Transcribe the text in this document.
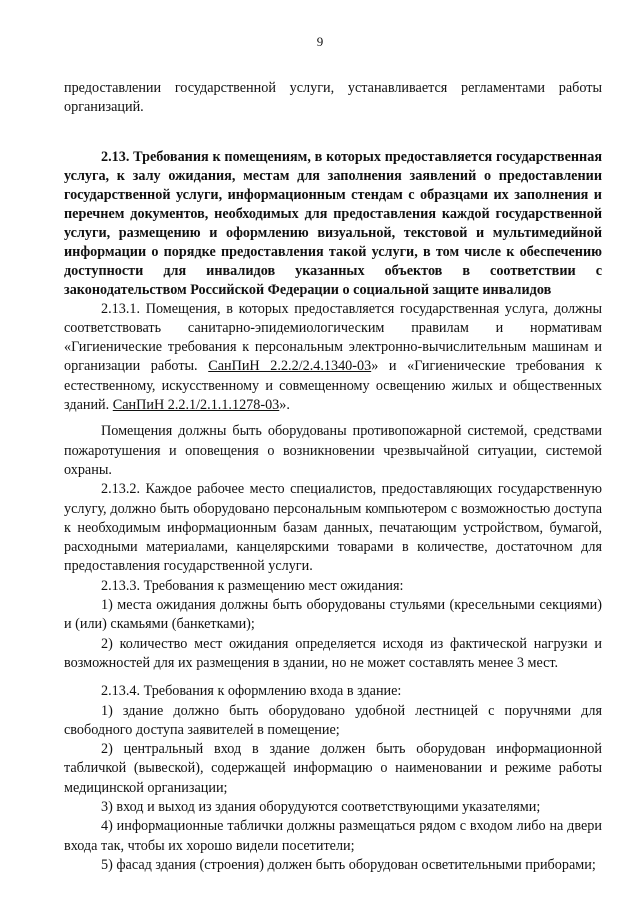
9

предоставлении государственной услуги, устанавливается регламентами работы организаций.

2.13. Требования к помещениям, в которых предоставляется государственная услуга, к залу ожидания, местам для заполнения заявлений о предоставлении государственной услуги, информационным стендам с образцами их заполнения и перечнем документов, необходимых для предоставления каждой государственной услуги, размещению и оформлению визуальной, текстовой и мультимедийной информации о порядке предоставления такой услуги, в том числе к обеспечению доступности для инвалидов указанных объектов в соответствии с законодательством Российской Федерации о социальной защите инвалидов

2.13.1. Помещения, в которых предоставляется государственная услуга, должны соответствовать санитарно-эпидемиологическим правилам и нормативам «Гигиенические требования к персональным электронно-вычислительным машинам и организации работы. СанПиН 2.2.2/2.4.1340-03» и «Гигиенические требования к естественному, искусственному и совмещенному освещению жилых и общественных зданий. СанПиН 2.2.1/2.1.1.1278-03».

Помещения должны быть оборудованы противопожарной системой, средствами пожаротушения и оповещения о возникновении чрезвычайной ситуации, системой охраны.

2.13.2. Каждое рабочее место специалистов, предоставляющих государственную услугу, должно быть оборудовано персональным компьютером с возможностью доступа к необходимым информационным базам данных, печатающим устройством, бумагой, расходными материалами, канцелярскими товарами в количестве, достаточном для предоставления государственной услуги.

2.13.3. Требования к размещению мест ожидания:

1) места ожидания должны быть оборудованы стульями (кресельными секциями) и (или) скамьями (банкетками);

2) количество мест ожидания определяется исходя из фактической нагрузки и возможностей для их размещения в здании, но не может составлять менее 3 мест.

2.13.4. Требования к оформлению входа в здание:

1) здание должно быть оборудовано удобной лестницей с поручнями для свободного доступа заявителей в помещение;

2) центральный вход в здание должен быть оборудован информационной табличкой (вывеской), содержащей информацию о наименовании и режиме работы медицинской организации;

3) вход и выход из здания оборудуются соответствующими указателями;

4) информационные таблички должны размещаться рядом с входом либо на двери входа так, чтобы их хорошо видели посетители;

5) фасад здания (строения) должен быть оборудован осветительными приборами;
